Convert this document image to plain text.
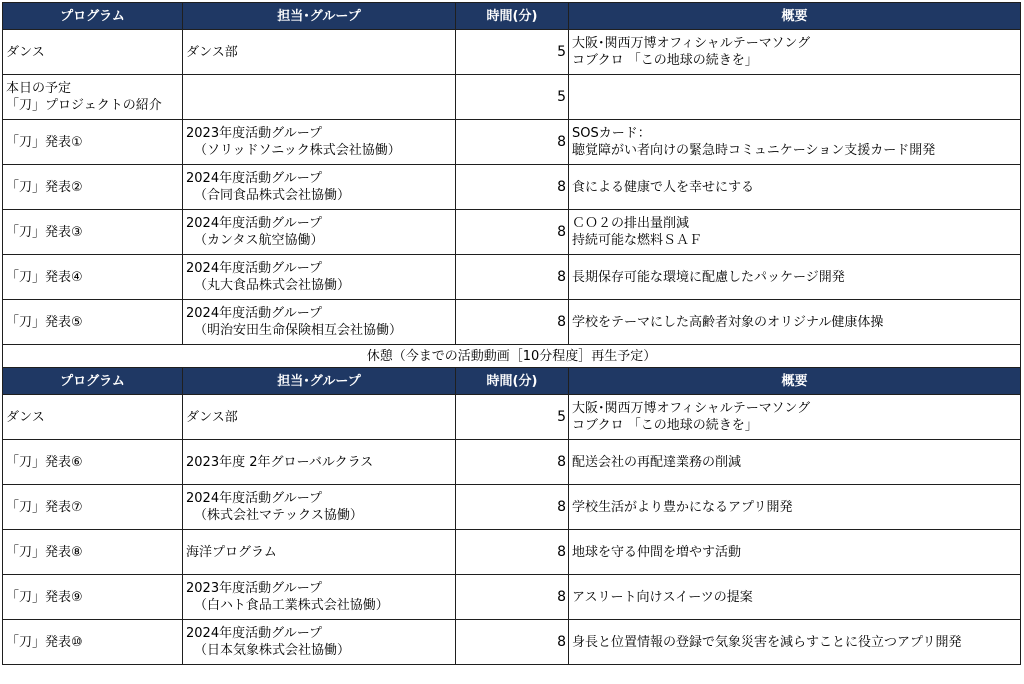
プログラム	担当･グループ	時間(分)	概要

ダンス	ダンス部	5	大阪･関西万博オフィシャルテーマソング
コブクロ 「この地球の続きを」

本日の予定
「刀」プロジェクトの紹介		5	

「刀」発表①	2023年度活動グループ
（ソリッドソニック株式会社協働）	8	SOSカード：
聴覚障がい者向けの緊急時コミュニケーション支援カード開発

「刀」発表②	2024年度活動グループ
（合同食品株式会社協働）	8	食による健康で人を幸せにする

「刀」発表③	2024年度活動グループ
（カンタス航空協働）	8	ＣＯ２の排出量削減
持続可能な燃料ＳＡＦ

「刀」発表④	2024年度活動グループ
（丸大食品株式会社協働）	8	長期保存可能な環境に配慮したパッケージ開発

「刀」発表⑤	2024年度活動グループ
（明治安田生命保険相互会社協働）	8	学校をテーマにした高齢者対象のオリジナル健康体操

休憩（今までの活動動画［10分程度］再生予定）			
プログラム	担当･グループ	時間(分)	概要

ダンス	ダンス部	5	大阪･関西万博オフィシャルテーマソング
コブクロ 「この地球の続きを」

「刀」発表⑥	2023年度 2年グローバルクラス	8	配送会社の再配達業務の削減

「刀」発表⑦	2024年度活動グループ
（株式会社マテックス協働）	8	学校生活がより豊かになるアプリ開発

「刀」発表⑧	海洋プログラム	8	地球を守る仲間を増やす活動

「刀」発表⑨	2023年度活動グループ
（白ハト食品工業株式会社協働）	8	アスリート向けスイーツの提案

「刀」発表⑩	2024年度活動グループ
（日本気象株式会社協働）	8	身長と位置情報の登録で気象災害を減らすことに役立つアプリ開発
